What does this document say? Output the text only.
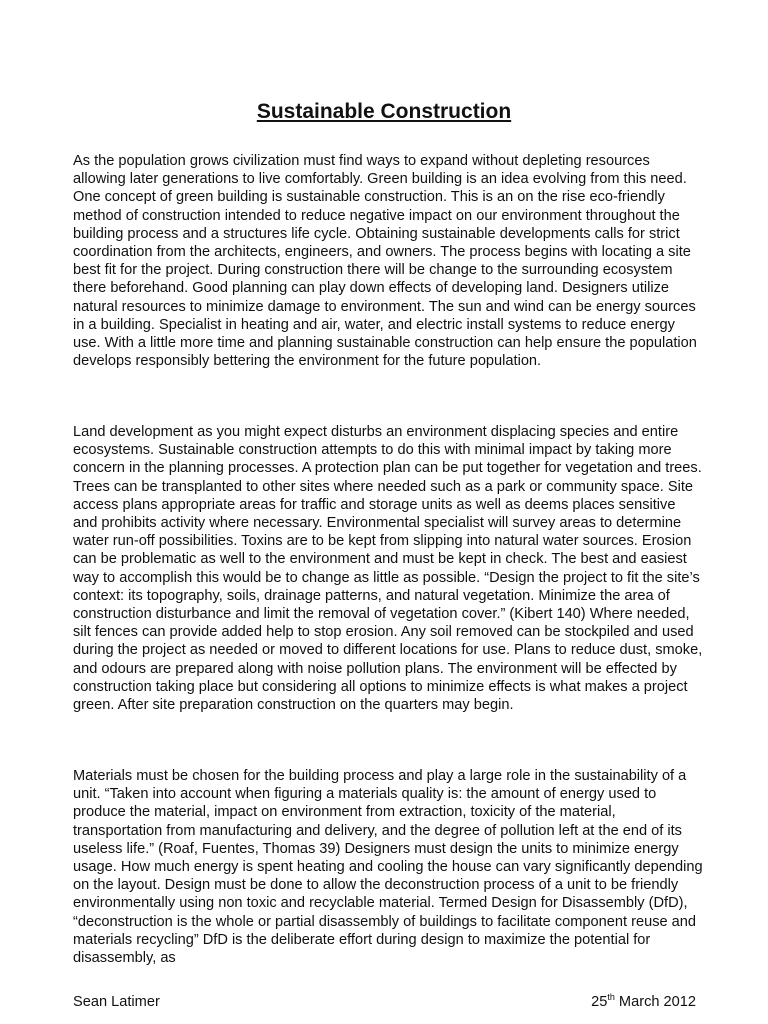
Sustainable Construction

As the population grows civilization must find ways to expand without depleting resources allowing later generations to live comfortably. Green building is an idea evolving from this need. One concept of green building is sustainable construction. This is an on the rise eco-friendly method of construction intended to reduce negative impact on our environment throughout the building process and a structures life cycle. Obtaining sustainable developments calls for strict coordination from the architects, engineers, and owners. The process begins with locating a site best fit for the project. During construction there will be change to the surrounding ecosystem there beforehand. Good planning can play down effects of developing land. Designers utilize natural resources to minimize damage to environment. The sun and wind can be energy sources in a building. Specialist in heating and air, water, and electric install systems to reduce energy use. With a little more time and planning sustainable construction can help ensure the population develops responsibly bettering the environment for the future population.

Land development as you might expect disturbs an environment displacing species and entire ecosystems. Sustainable construction attempts to do this with minimal impact by taking more concern in the planning processes. A protection plan can be put together for vegetation and trees. Trees can be transplanted to other sites where needed such as a park or community space. Site access plans appropriate areas for traffic and storage units as well as deems places sensitive and prohibits activity where necessary. Environmental specialist will survey areas to determine water run-off possibilities. Toxins are to be kept from slipping into natural water sources. Erosion can be problematic as well to the environment and must be kept in check. The best and easiest way to accomplish this would be to change as little as possible. “Design the project to fit the site’s context: its topography, soils, drainage patterns, and natural vegetation. Minimize the area of construction disturbance and limit the removal of vegetation cover.” (Kibert 140) Where needed, silt fences can provide added help to stop erosion. Any soil removed can be stockpiled and used during the project as needed or moved to different locations for use. Plans to reduce dust, smoke, and odours are prepared along with noise pollution plans. The environment will be effected by construction taking place but considering all options to minimize effects is what makes a project green. After site preparation construction on the quarters may begin.

Materials must be chosen for the building process and play a large role in the sustainability of a unit. “Taken into account when figuring a materials quality is: the amount of energy used to produce the material, impact on environment from extraction, toxicity of the material, transportation from manufacturing and delivery, and the degree of pollution left at the end of its useless life.” (Roaf, Fuentes, Thomas 39) Designers must design the units to minimize energy usage. How much energy is spent heating and cooling the house can vary significantly depending on the layout. Design must be done to allow the deconstruction process of a unit to be friendly environmentally using non toxic and recyclable material. Termed Design for Disassembly (DfD), “deconstruction is the whole or partial disassembly of buildings to facilitate component reuse and materials recycling” DfD is the deliberate effort during design to maximize the potential for disassembly, as

Sean Latimer	25th March 2012
